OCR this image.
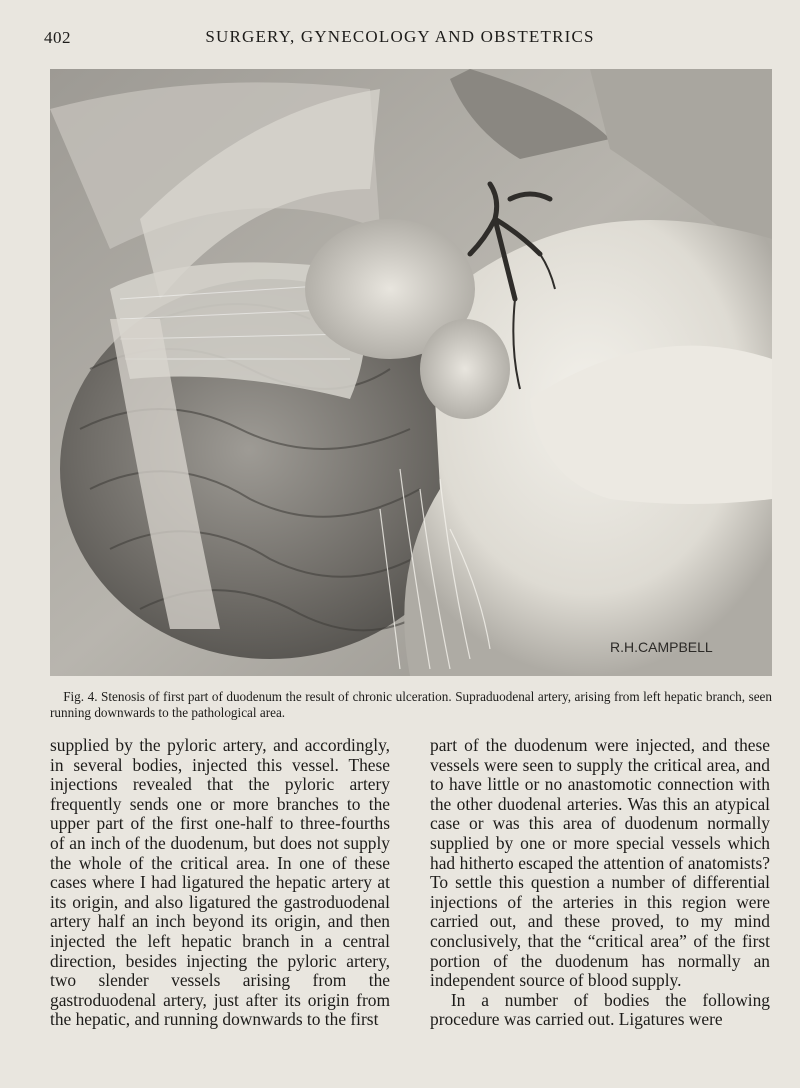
402	SURGERY, GYNECOLOGY AND OBSTETRICS
R.H.CAMPBELL
Fig. 4. Stenosis of first part of duodenum the result of chronic ulceration. Supraduodenal artery, arising from left hepatic branch, seen running downwards to the pathological area.

supplied by the pyloric artery, and accordingly, in several bodies, injected this vessel. These injections revealed that the pyloric artery frequently sends one or more branches to the upper part of the first one-half to three-fourths of an inch of the duodenum, but does not supply the whole of the critical area. In one of these cases where I had ligatured the hepatic artery at its origin, and also ligatured the gastroduodenal artery half an inch beyond its origin, and then injected the left hepatic branch in a central direction, besides injecting the pyloric artery, two slender vessels arising from the gastroduodenal artery, just after its origin from the hepatic, and running downwards to the first

part of the duodenum were injected, and these vessels were seen to supply the critical area, and to have little or no anastomotic connection with the other duodenal arteries. Was this an atypical case or was this area of duodenum normally supplied by one or more special vessels which had hitherto escaped the attention of anatomists? To settle this question a number of differential injections of the arteries in this region were carried out, and these proved, to my mind conclusively, that the “critical area” of the first portion of the duodenum has normally an independent source of blood supply.

In a number of bodies the following procedure was carried out. Ligatures were
